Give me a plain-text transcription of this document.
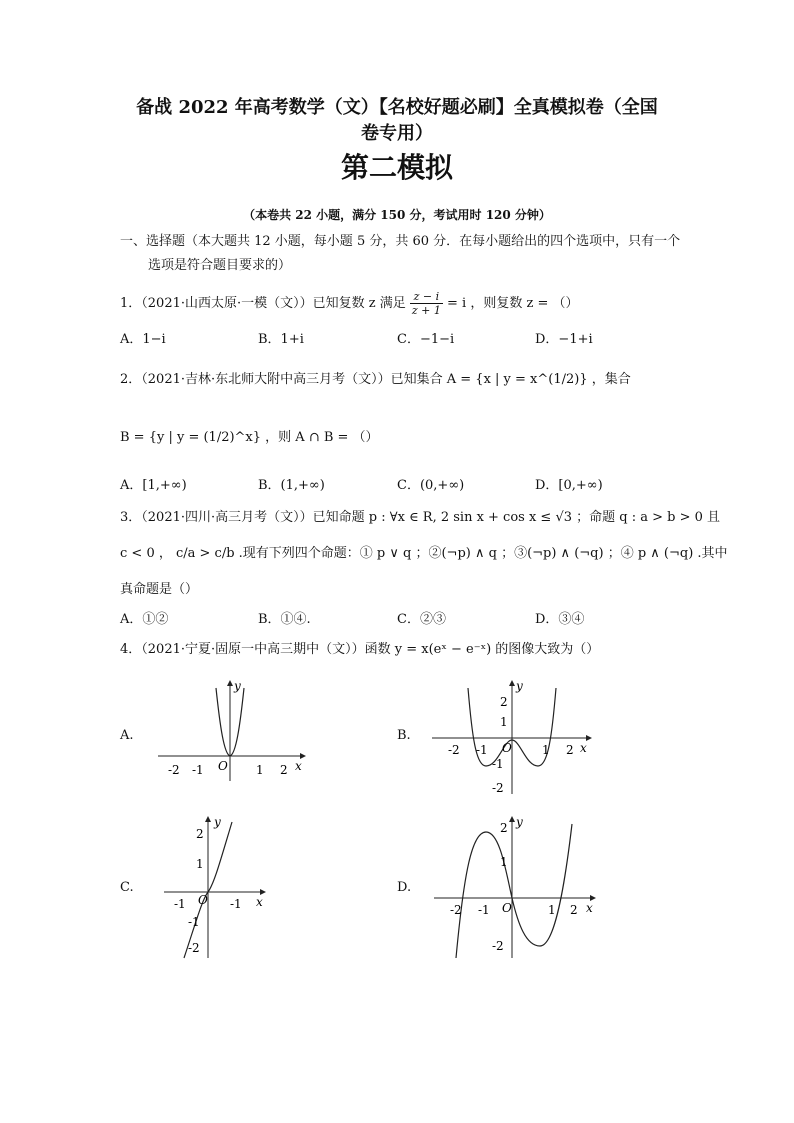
备战 2022 年高考数学（文）【名校好题必刷】全真模拟卷（全国
卷专用）
第二模拟
（本卷共 22 小题，满分 150 分，考试用时 120 分钟）
一、选择题（本大题共 12 小题，每小题 5 分，共 60 分．在每小题给出的四个选项中，只有一个
选项是符合题目要求的）
1．（2021·山西太原·一模（文））已知复数 z 满足 $\frac{z - i}{z + 1} = i$ ，则复数 z = （）
A．1−i	B．1+i	C．−1−i	D．−1+i
2．（2021·吉林·东北师大附中高三月考（文））已知集合 A = {x | y = x^(1/2)} ，集合
B = {y | y = (1/2)^x} ，则 A ∩ B = （）
A．[1,+∞)	B．(1,+∞)	C．(0,+∞)	D．[0,+∞)
3．（2021·四川·高三月考（文））已知命题 p : ∀x ∈ R, 2 sin x + cos x ≤ √3 ；命题 q : a > b > 0 且
c < 0 ， c/a > c/b .现有下列四个命题：① p ∨ q ；②(¬p) ∧ q ；③(¬p) ∧ (¬q) ；④ p ∧ (¬q) .其中
真命题是（）
A．①②	B．①④.	C．②③	D．③④
4．（2021·宁夏·固原一中高三期中（文））函数 y = x(eˣ − e⁻ˣ) 的图像大致为（）
A.	B.
C.	D.
-2 -1	1 2
O	x
y
-2 -1	1 2
2
1
-1
-2
O	x
y
-1	-1
2
1
-1
-2
O	x
y
-2 -1	1 2
2
1
-2
O	x
y
